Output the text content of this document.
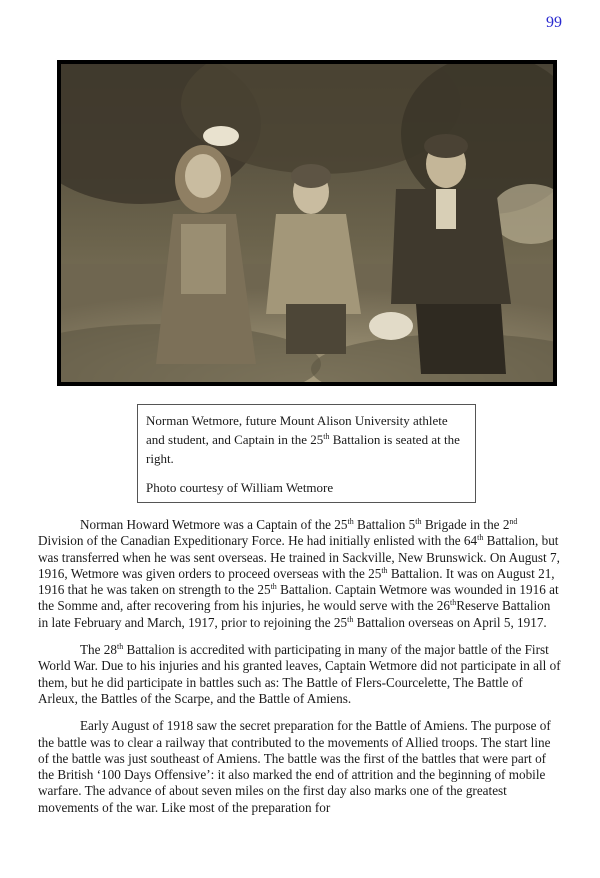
99

Norman Wetmore, future Mount Alison University athlete and student, and Captain in the 25th Battalion is seated at the right.

Photo courtesy of William Wetmore

Norman Howard Wetmore was a Captain of the 25th Battalion 5th Brigade in the 2nd Division of the Canadian Expeditionary Force. He had initially enlisted with the 64th Battalion, but was transferred when he was sent overseas. He trained in Sackville, New Brunswick. On August 7, 1916, Wetmore was given orders to proceed overseas with the 25th Battalion. It was on August 21, 1916 that he was taken on strength to the 25th Battalion. Captain Wetmore was wounded in 1916 at the Somme and, after recovering from his injuries, he would serve with the 26thReserve Battalion in late February and March, 1917, prior to rejoining the 25th Battalion overseas on April 5, 1917.

The 28th Battalion is accredited with participating in many of the major battle of the First World War. Due to his injuries and his granted leaves, Captain Wetmore did not participate in all of them, but he did participate in battles such as: The Battle of Flers-Courcelette, The Battle of Arleux, the Battles of the Scarpe, and the Battle of Amiens.

Early August of 1918 saw the secret preparation for the Battle of Amiens. The purpose of the battle was to clear a railway that contributed to the movements of Allied troops. The start line of the battle was just southeast of Amiens. The battle was the first of the battles that were part of the British ‘100 Days Offensive’: it also marked the end of attrition and the beginning of mobile warfare. The advance of about seven miles on the first day also marks one of the greatest movements of the war. Like most of the preparation for
